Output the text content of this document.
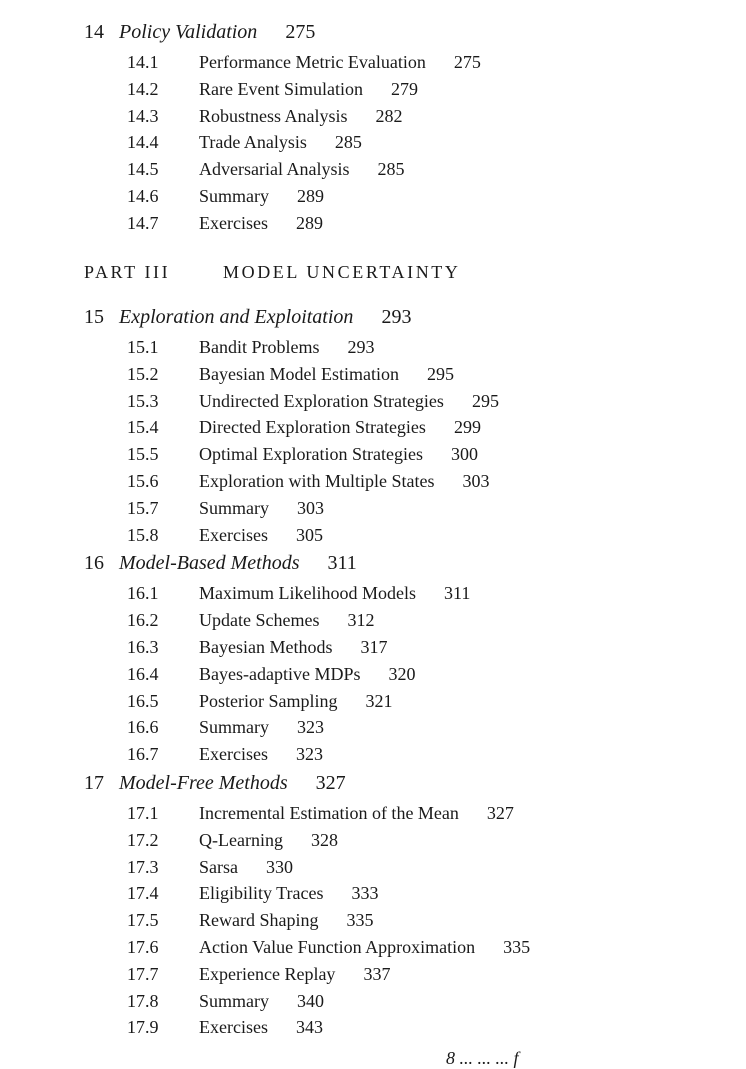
14 Policy Validation 275
14.1 Performance Metric Evaluation 275
14.2 Rare Event Simulation 279
14.3 Robustness Analysis 282
14.4 Trade Analysis 285
14.5 Adversarial Analysis 285
14.6 Summary 289
14.7 Exercises 289
15 Exploration and Exploitation 293
15.1 Bandit Problems 293
15.2 Bayesian Model Estimation 295
15.3 Undirected Exploration Strategies 295
15.4 Directed Exploration Strategies 299
15.5 Optimal Exploration Strategies 300
15.6 Exploration with Multiple States 303
15.7 Summary 303
15.8 Exercises 305
16 Model-Based Methods 311
16.1 Maximum Likelihood Models 311
16.2 Update Schemes 312
16.3 Bayesian Methods 317
16.4 Bayes-adaptive MDPs 320
16.5 Posterior Sampling 321
16.6 Summary 323
16.7 Exercises 323
17 Model-Free Methods 327
17.1 Incremental Estimation of the Mean 327
17.2 Q-Learning 328
17.3 Sarsa 330
17.4 Eligibility Traces 333
17.5 Reward Shaping 335
17.6 Action Value Function Approximation 335
17.7 Experience Replay 337
17.8 Summary 340
17.9 Exercises 343
PART III	MODEL UNCERTAINTY
8 ... ... ... f
